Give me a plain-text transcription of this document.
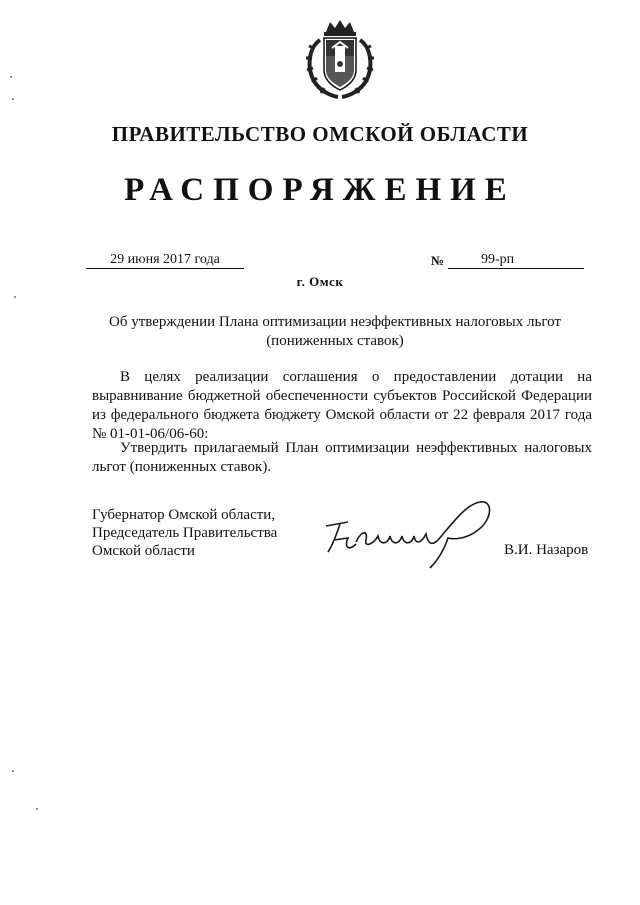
ПРАВИТЕЛЬСТВО ОМСКОЙ ОБЛАСТИ
РАСПОРЯЖЕНИЕ
29 июня 2017 года	№	99-рп
г. Омск
Об утверждении Плана оптимизации неэффективных налоговых льгот
(пониженных ставок)
В целях реализации соглашения о предоставлении дотации на выравнивание бюджетной обеспеченности субъектов Российской Федерации из федерального бюджета бюджету Омской области от 22 февраля 2017 года № 01-01-06/06-60:
Утвердить прилагаемый План оптимизации неэффективных налоговых льгот (пониженных ставок).
Губернатор Омской области,
Председатель Правительства
Омской области	В.И. Назаров
